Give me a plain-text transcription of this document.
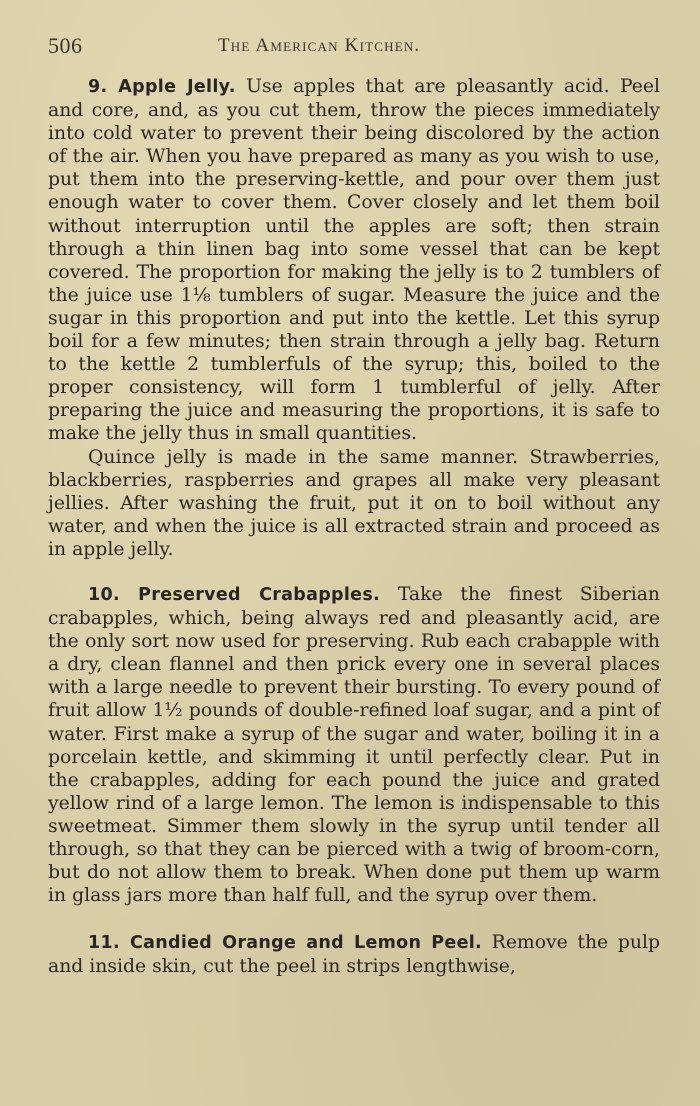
506	The American Kitchen.

9. Apple Jelly. Use apples that are pleasantly acid. Peel and core, and, as you cut them, throw the pieces immediately into cold water to prevent their being discolored by the action of the air. When you have prepared as many as you wish to use, put them into the preserving-kettle, and pour over them just enough water to cover them. Cover closely and let them boil without interruption until the apples are soft; then strain through a thin linen bag into some vessel that can be kept covered. The proportion for making the jelly is to 2 tumblers of the juice use 1⅛ tumblers of sugar. Measure the juice and the sugar in this proportion and put into the kettle. Let this syrup boil for a few minutes; then strain through a jelly bag. Return to the kettle 2 tumblerfuls of the syrup; this, boiled to the proper consistency, will form 1 tumblerful of jelly. After preparing the juice and measuring the proportions, it is safe to make the jelly thus in small quantities.

Quince jelly is made in the same manner. Strawberries, blackberries, raspberries and grapes all make very pleasant jellies. After washing the fruit, put it on to boil without any water, and when the juice is all extracted strain and proceed as in apple jelly.

10. Preserved Crabapples. Take the finest Siberian crabapples, which, being always red and pleasantly acid, are the only sort now used for preserving. Rub each crabapple with a dry, clean flannel and then prick every one in several places with a large needle to prevent their bursting. To every pound of fruit allow 1½ pounds of double-refined loaf sugar, and a pint of water. First make a syrup of the sugar and water, boiling it in a porcelain kettle, and skimming it until perfectly clear. Put in the crabapples, adding for each pound the juice and grated yellow rind of a large lemon. The lemon is indispensable to this sweetmeat. Simmer them slowly in the syrup until tender all through, so that they can be pierced with a twig of broom-corn, but do not allow them to break. When done put them up warm in glass jars more than half full, and the syrup over them.

11. Candied Orange and Lemon Peel. Remove the pulp and inside skin, cut the peel in strips lengthwise,
